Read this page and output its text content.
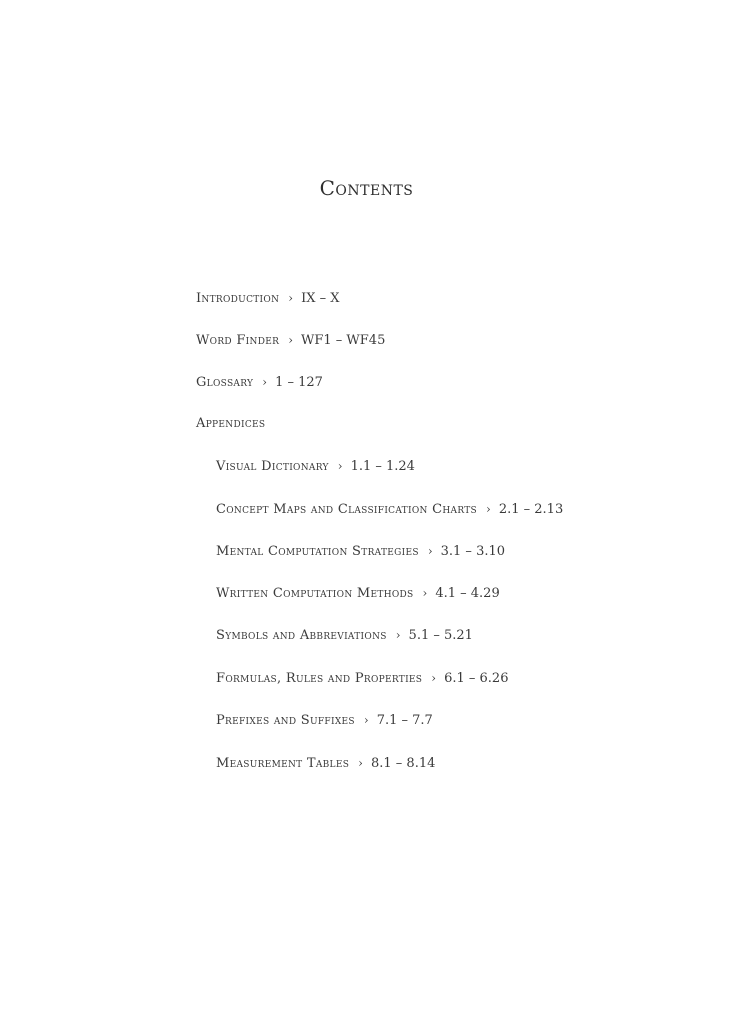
Contents
Introduction › IX – X
Word Finder › WF1 – WF45
Glossary › 1 – 127
Appendices
Visual Dictionary › 1.1 – 1.24
Concept Maps and Classification Charts › 2.1 – 2.13
Mental Computation Strategies › 3.1 – 3.10
Written Computation Methods › 4.1 – 4.29
Symbols and Abbreviations › 5.1 – 5.21
Formulas, Rules and Properties › 6.1 – 6.26
Prefixes and Suffixes › 7.1 – 7.7
Measurement Tables › 8.1 – 8.14
